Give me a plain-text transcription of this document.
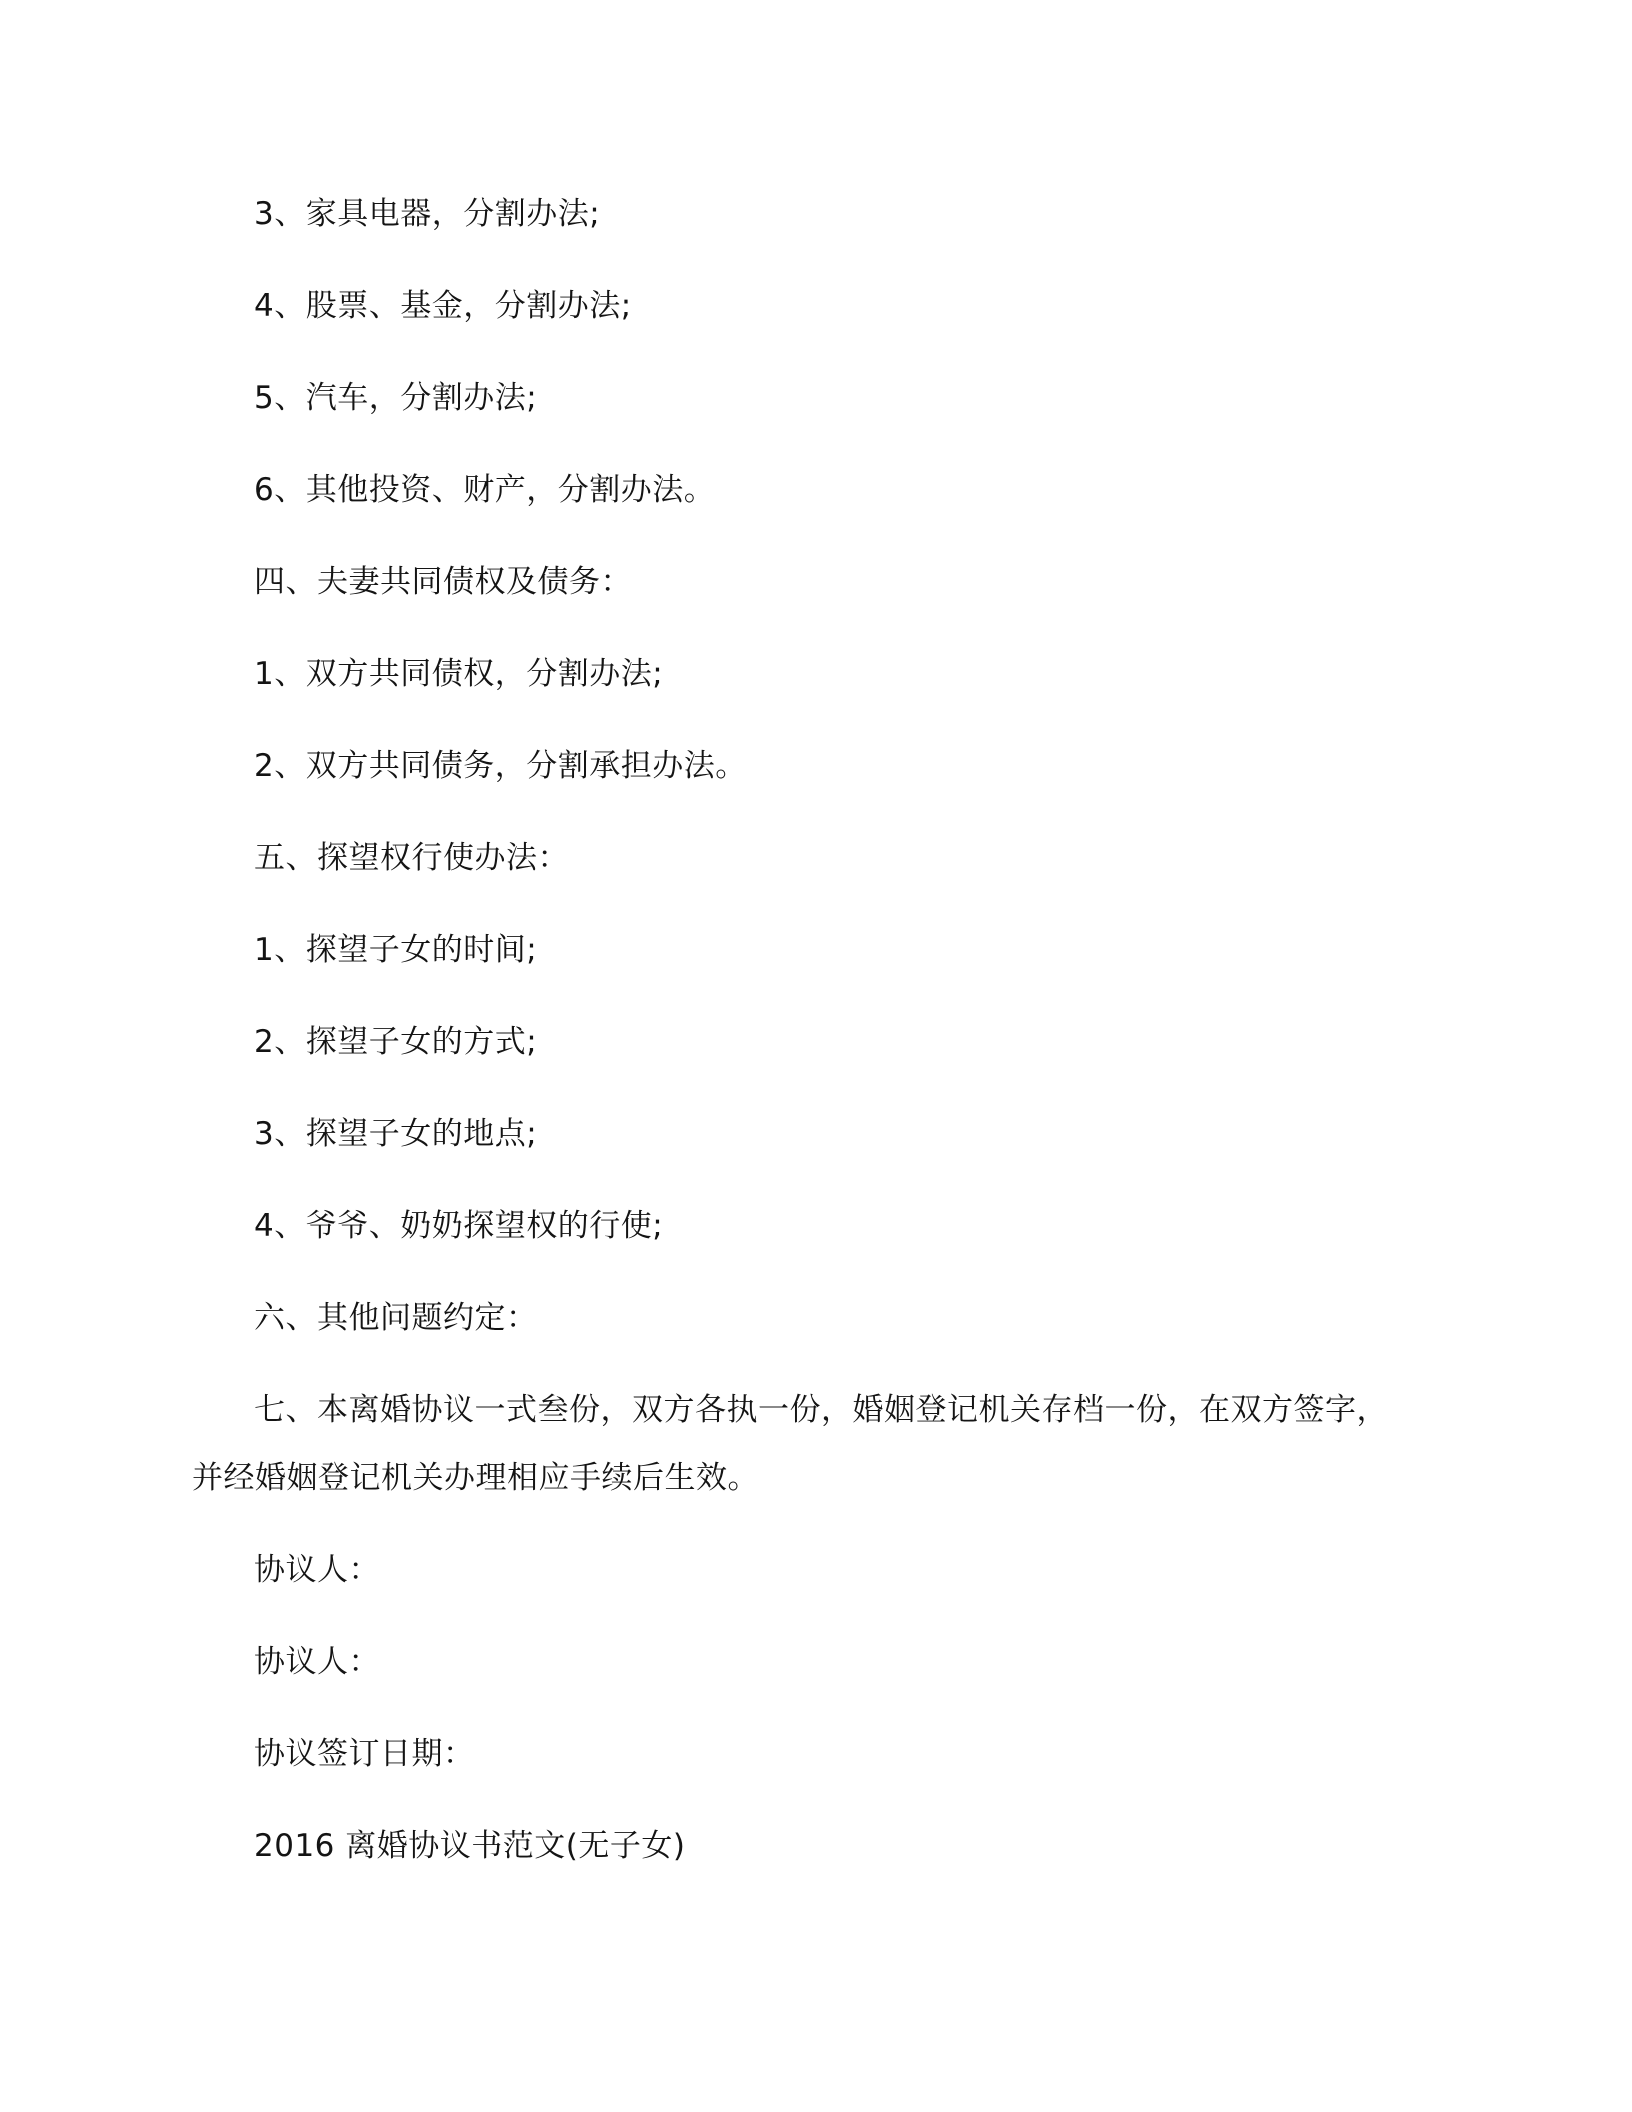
3、家具电器，分割办法;
4、股票、基金，分割办法;
5、汽车，分割办法;
6、其他投资、财产，分割办法。
四、夫妻共同债权及债务：
1、双方共同债权，分割办法;
2、双方共同债务，分割承担办法。
五、探望权行使办法：
1、探望子女的时间;
2、探望子女的方式;
3、探望子女的地点;
4、爷爷、奶奶探望权的行使;
六、其他问题约定：
七、本离婚协议一式叁份，双方各执一份，婚姻登记机关存档一份，在双方签字，
并经婚姻登记机关办理相应手续后生效。
协议人：
协议人：
协议签订日期：
2016 离婚协议书范文(无子女)
